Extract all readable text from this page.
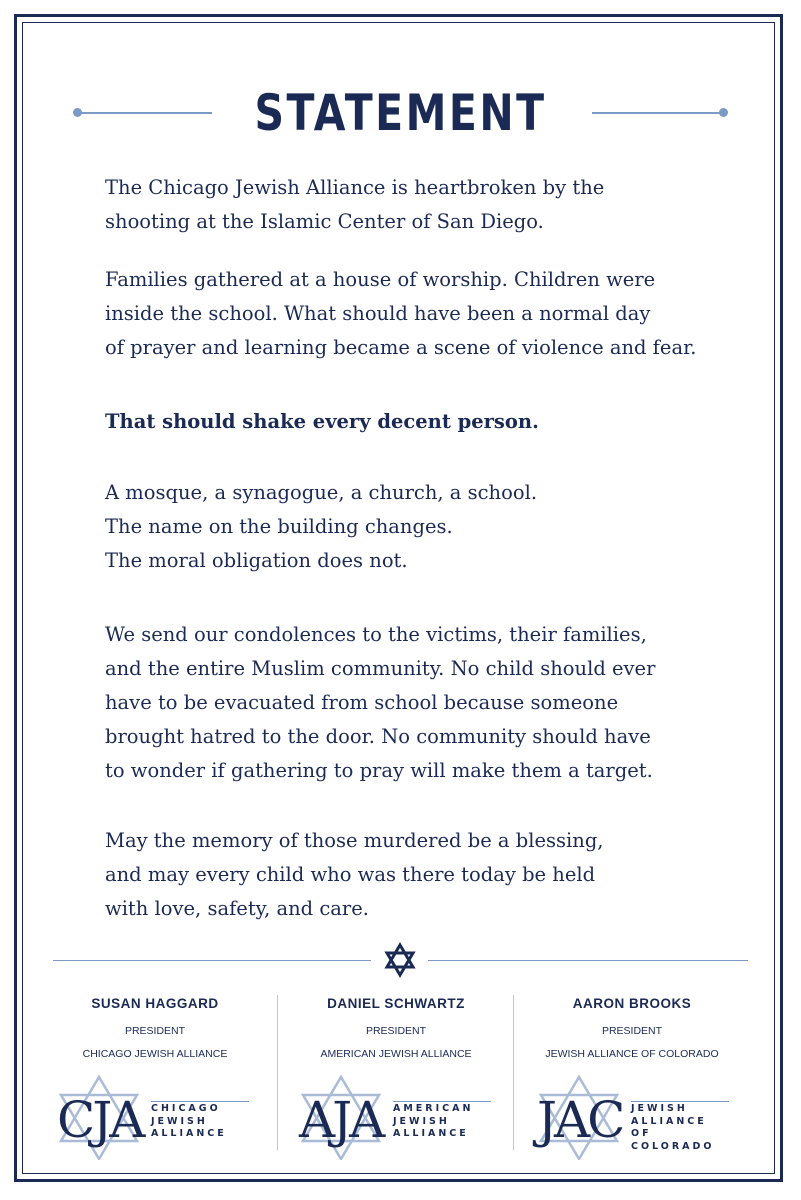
STATEMENT

The Chicago Jewish Alliance is heartbroken by the

shooting at the Islamic Center of San Diego.

Families gathered at a house of worship. Children were

inside the school. What should have been a normal day

of prayer and learning became a scene of violence and fear.

That should shake every decent person.

A mosque, a synagogue, a church, a school.

The name on the building changes.

The moral obligation does not.

We send our condolences to the victims, their families,

and the entire Muslim community. No child should ever

have to be evacuated from school because someone

brought hatred to the door. No community should have

to wonder if gathering to pray will make them a target.

May the memory of those murdered be a blessing,

and may every child who was there today be held

with love, safety, and care.

SUSAN HAGGARD
PRESIDENT
CHICAGO JEWISH ALLIANCE
DANIEL SCHWARTZ
PRESIDENT
AMERICAN JEWISH ALLIANCE
AARON BROOKS
PRESIDENT
JEWISH ALLIANCE OF COLORADO
CJA CHICAGO
JEWISH
ALLIANCE AJA AMERICAN
JEWISH
ALLIANCE JAC JEWISH
ALLIANCE
OF COLORADO
